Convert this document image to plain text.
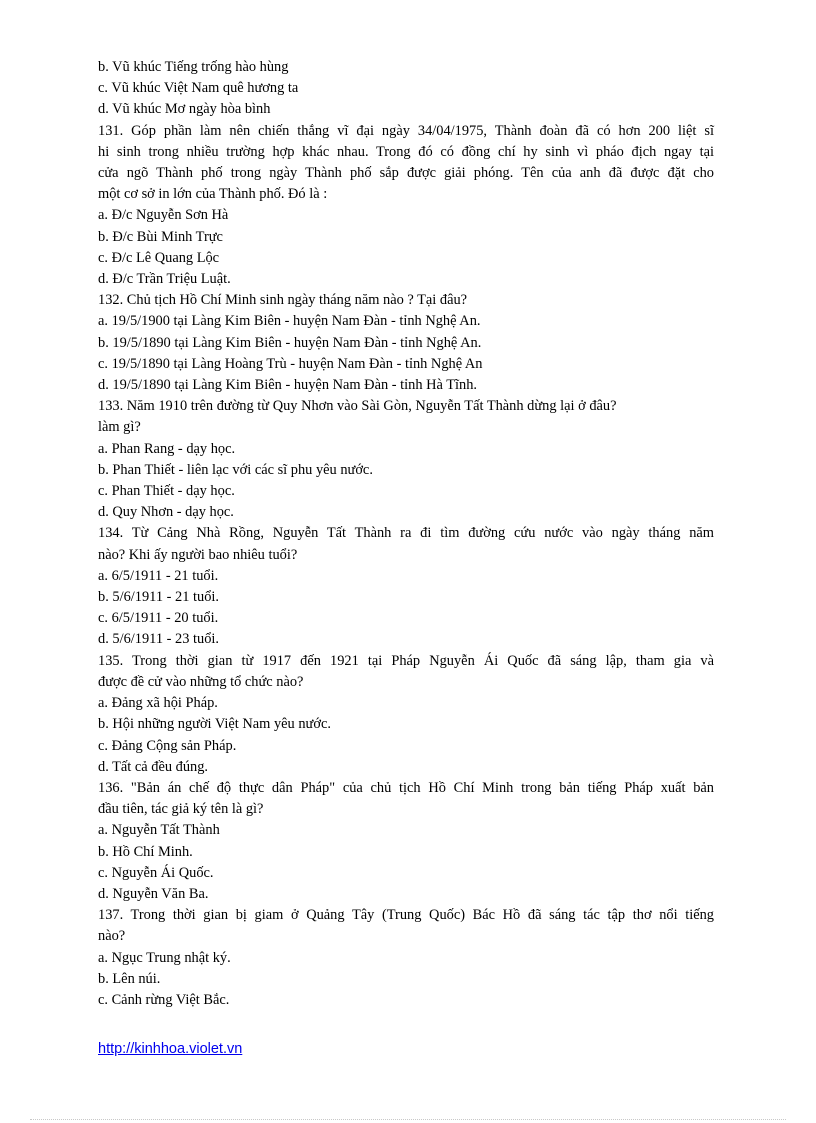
b. Vũ khúc Tiếng trống hào hùng
c. Vũ khúc Việt Nam quê hương ta
d. Vũ khúc Mơ ngày hòa bình
131. Góp phần làm nên chiến thắng vĩ đại ngày 34/04/1975, Thành đoàn đã có hơn 200 liệt sĩ
hi sinh trong nhiều trường hợp khác nhau. Trong đó có đồng chí hy sinh vì pháo địch ngay tại
cửa ngõ Thành phố trong ngày Thành phố sắp được giải phóng. Tên của anh đã được đặt cho
một cơ sở in lớn của Thành phố. Đó là :
a. Đ/c Nguyễn Sơn Hà
b. Đ/c Bùi Minh Trực
c. Đ/c Lê Quang Lộc
d. Đ/c Trần Triệu Luật.
132. Chủ tịch Hồ Chí Minh sinh ngày tháng năm nào ? Tại đâu?
a. 19/5/1900 tại Làng Kim Biên - huyện Nam Đàn - tỉnh Nghệ An.
b. 19/5/1890 tại Làng Kim Biên - huyện Nam Đàn - tỉnh Nghệ An.
c. 19/5/1890 tại Làng Hoàng Trù - huyện Nam Đàn - tỉnh Nghệ An
d. 19/5/1890 tại Làng Kim Biên - huyện Nam Đàn - tỉnh Hà Tĩnh.
133. Năm 1910 trên đường từ Quy Nhơn vào Sài Gòn, Nguyễn Tất Thành dừng lại ở đâu?
làm gì?
a. Phan Rang - dạy học.
b. Phan Thiết - liên lạc với các sĩ phu yêu nước.
c. Phan Thiết - dạy học.
d. Quy Nhơn - dạy học.
134. Từ Cảng Nhà Rồng, Nguyễn Tất Thành ra đi tìm đường cứu nước vào ngày tháng năm
nào? Khi ấy người bao nhiêu tuổi?
a. 6/5/1911 - 21 tuổi.
b. 5/6/1911 - 21 tuổi.
c. 6/5/1911 - 20 tuổi.
d. 5/6/1911 - 23 tuổi.
135. Trong thời gian từ 1917 đến 1921 tại Pháp Nguyễn Ái Quốc đã sáng lập, tham gia và
được đề cử vào những tổ chức nào?
a. Đảng xã hội Pháp.
b. Hội những người Việt Nam yêu nước.
c. Đảng Cộng sản Pháp.
d. Tất cả đều đúng.
136. "Bản án chế độ thực dân Pháp" của chủ tịch Hồ Chí Minh trong bản tiếng Pháp xuất bản
đầu tiên, tác giả ký tên là gì?
a. Nguyễn Tất Thành
b. Hồ Chí Minh.
c. Nguyễn Ái Quốc.
d. Nguyễn Văn Ba.
137. Trong thời gian bị giam ở Quảng Tây (Trung Quốc) Bác Hồ đã sáng tác tập thơ nổi tiếng
nào?
a. Ngục Trung nhật ký.
b. Lên núi.
c. Cảnh rừng Việt Bắc.
http://kinhhoa.violet.vn
